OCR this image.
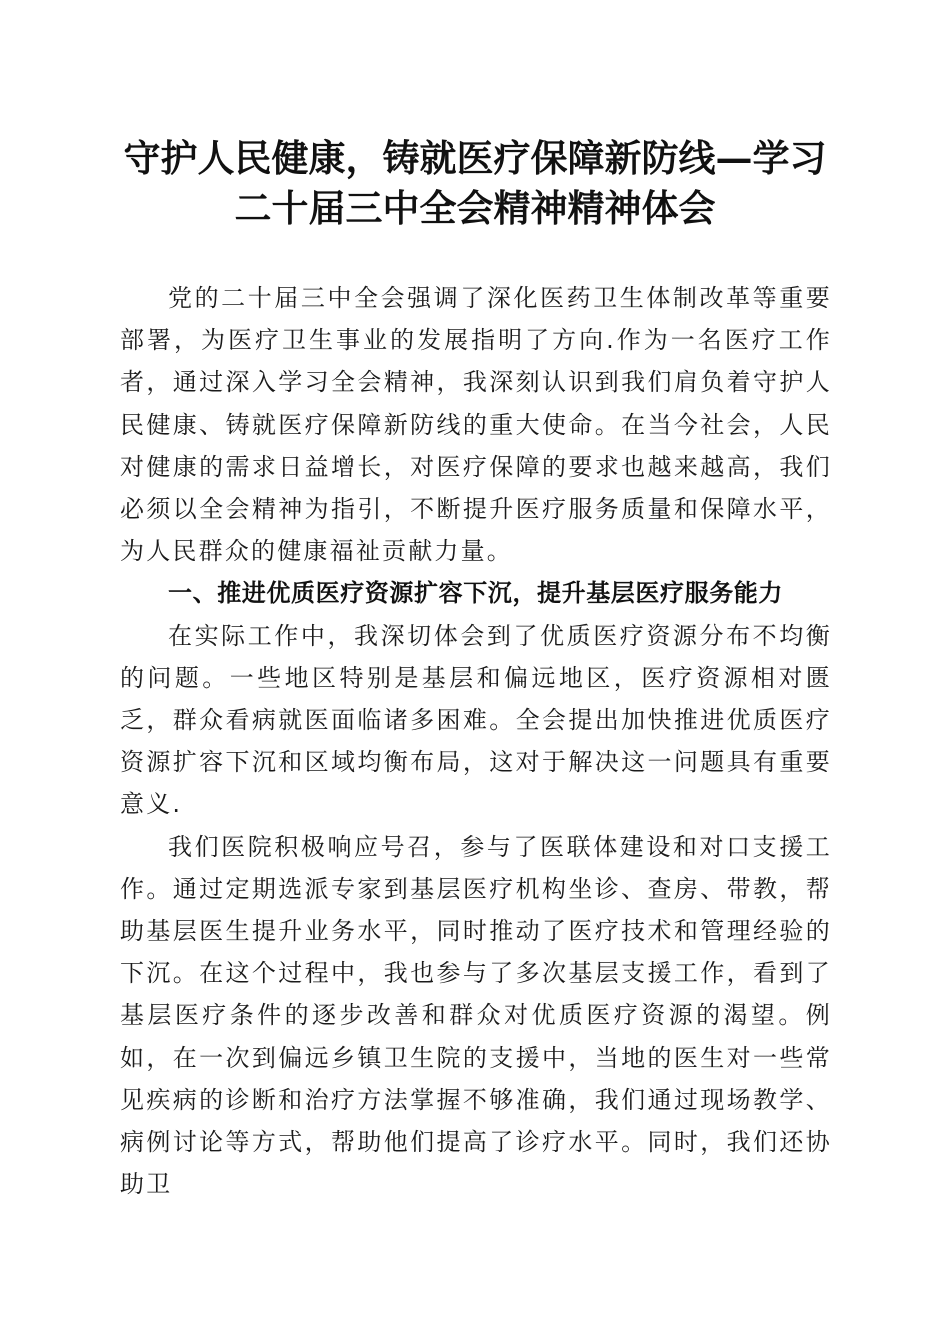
守护人民健康，铸就医疗保障新防线—学习二十届三中全会精神精神体会

党的二十届三中全会强调了深化医药卫生体制改革等重要部署，为医疗卫生事业的发展指明了方向.作为一名医疗工作者，通过深入学习全会精神，我深刻认识到我们肩负着守护人民健康、铸就医疗保障新防线的重大使命。在当今社会，人民对健康的需求日益增长，对医疗保障的要求也越来越高，我们必须以全会精神为指引，不断提升医疗服务质量和保障水平，为人民群众的健康福祉贡献力量。

一、推进优质医疗资源扩容下沉，提升基层医疗服务能力

在实际工作中，我深切体会到了优质医疗资源分布不均衡的问题。一些地区特别是基层和偏远地区，医疗资源相对匮乏，群众看病就医面临诸多困难。全会提出加快推进优质医疗资源扩容下沉和区域均衡布局，这对于解决这一问题具有重要意义.

我们医院积极响应号召，参与了医联体建设和对口支援工作。通过定期选派专家到基层医疗机构坐诊、查房、带教，帮助基层医生提升业务水平，同时推动了医疗技术和管理经验的下沉。在这个过程中，我也参与了多次基层支援工作，看到了基层医疗条件的逐步改善和群众对优质医疗资源的渴望。例如，在一次到偏远乡镇卫生院的支援中，当地的医生对一些常见疾病的诊断和治疗方法掌握不够准确，我们通过现场教学、病例讨论等方式，帮助他们提高了诊疗水平。同时，我们还协助卫
